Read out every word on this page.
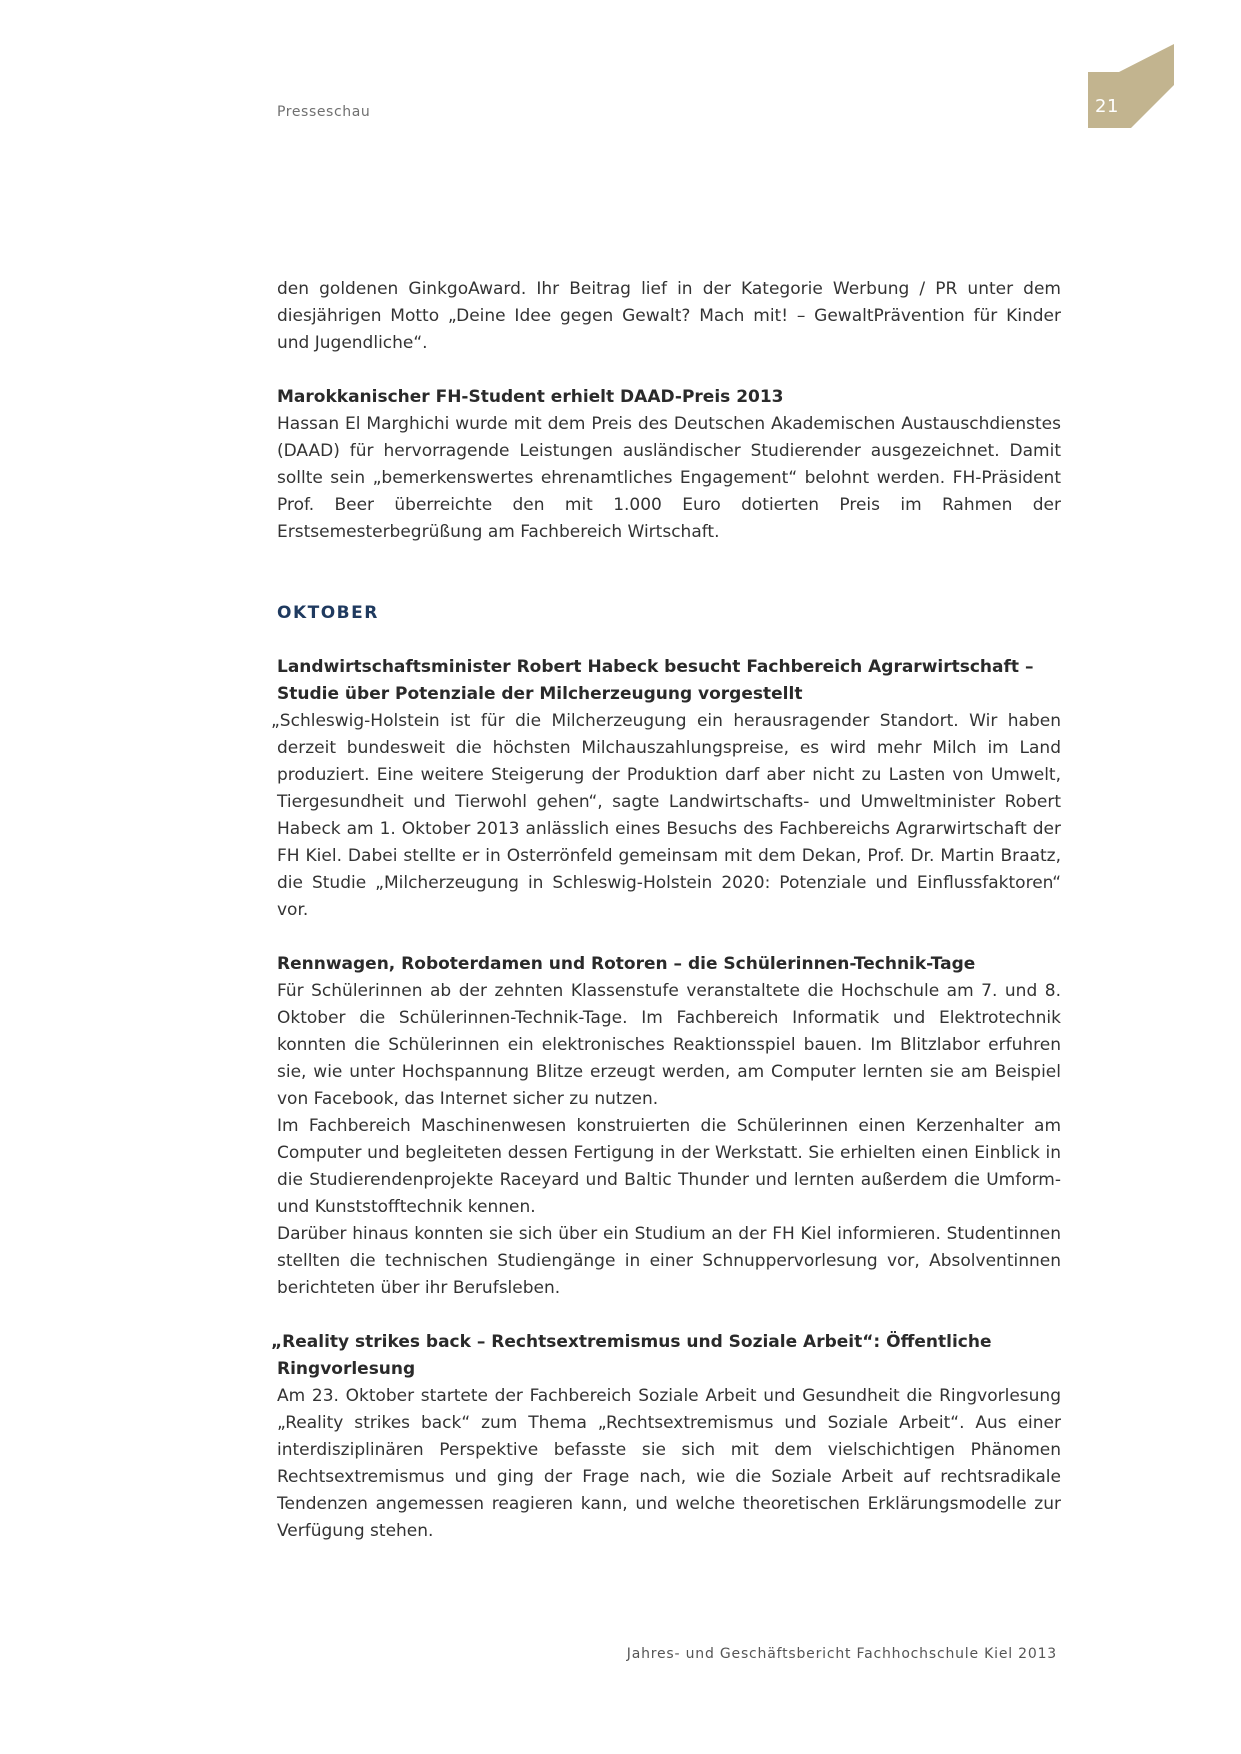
Presseschau	21

den goldenen GinkgoAward. Ihr Beitrag lief in der Kategorie Werbung / PR unter dem diesjährigen Motto „Deine Idee gegen Gewalt? Mach mit! – GewaltPrävention für Kinder und Jugendliche“.

Marokkanischer FH-Student erhielt DAAD-Preis 2013

Hassan El Marghichi wurde mit dem Preis des Deutschen Akademischen Austauschdienstes (DAAD) für hervorragende Leistungen ausländischer Studierender ausgezeichnet. Damit sollte sein „bemerkenswertes ehrenamtliches Engagement“ belohnt werden. FH-Präsident Prof. Beer überreichte den mit 1.000 Euro dotierten Preis im Rahmen der Erstsemesterbegrüßung am Fachbereich Wirtschaft.

OKTOBER
Landwirtschaftsminister Robert Habeck besucht Fachbereich Agrarwirtschaft – Studie über Potenziale der Milcherzeugung vorgestellt

„Schleswig-Holstein ist für die Milcherzeugung ein herausragender Standort. Wir haben derzeit bundesweit die höchsten Milchauszahlungspreise, es wird mehr Milch im Land produziert. Eine weitere Steigerung der Produktion darf aber nicht zu Lasten von Umwelt, Tiergesundheit und Tierwohl gehen“, sagte Landwirtschafts- und Umweltminister Robert Habeck am 1. Oktober 2013 anlässlich eines Besuchs des Fachbereichs Agrarwirtschaft der FH Kiel. Dabei stellte er in Osterrönfeld gemeinsam mit dem Dekan, Prof. Dr. Martin Braatz, die Studie „Milcherzeugung in Schleswig-Holstein 2020: Potenziale und Einflussfaktoren“ vor.

Rennwagen, Roboterdamen und Rotoren – die Schülerinnen-Technik-Tage

Für Schülerinnen ab der zehnten Klassenstufe veranstaltete die Hochschule am 7. und 8. Oktober die Schülerinnen-Technik-Tage. Im Fachbereich Informatik und Elektrotechnik konnten die Schülerinnen ein elektronisches Reaktionsspiel bauen. Im Blitzlabor erfuhren sie, wie unter Hochspannung Blitze erzeugt werden, am Computer lernten sie am Beispiel von Facebook, das Internet sicher zu nutzen.

Im Fachbereich Maschinenwesen konstruierten die Schülerinnen einen Kerzenhalter am Computer und begleiteten dessen Fertigung in der Werkstatt. Sie erhielten einen Einblick in die Studierendenprojekte Raceyard und Baltic Thunder und lernten außerdem die Umform- und Kunststofftechnik kennen.

Darüber hinaus konnten sie sich über ein Studium an der FH Kiel informieren. Studentinnen stellten die technischen Studiengänge in einer Schnuppervorlesung vor, Absolventinnen berichteten über ihr Berufsleben.

„Reality strikes back – Rechtsextremismus und Soziale Arbeit“: Öffentliche Ringvorlesung

Am 23. Oktober startete der Fachbereich Soziale Arbeit und Gesundheit die Ringvorlesung „Reality strikes back“ zum Thema „Rechtsextremismus und Soziale Arbeit“. Aus einer interdisziplinären Perspektive befasste sie sich mit dem vielschichtigen Phänomen Rechtsextremismus und ging der Frage nach, wie die Soziale Arbeit auf rechtsradikale Tendenzen angemessen reagieren kann, und welche theoretischen Erklärungsmodelle zur Verfügung stehen.

Jahres- und Geschäftsbericht Fachhochschule Kiel 2013
